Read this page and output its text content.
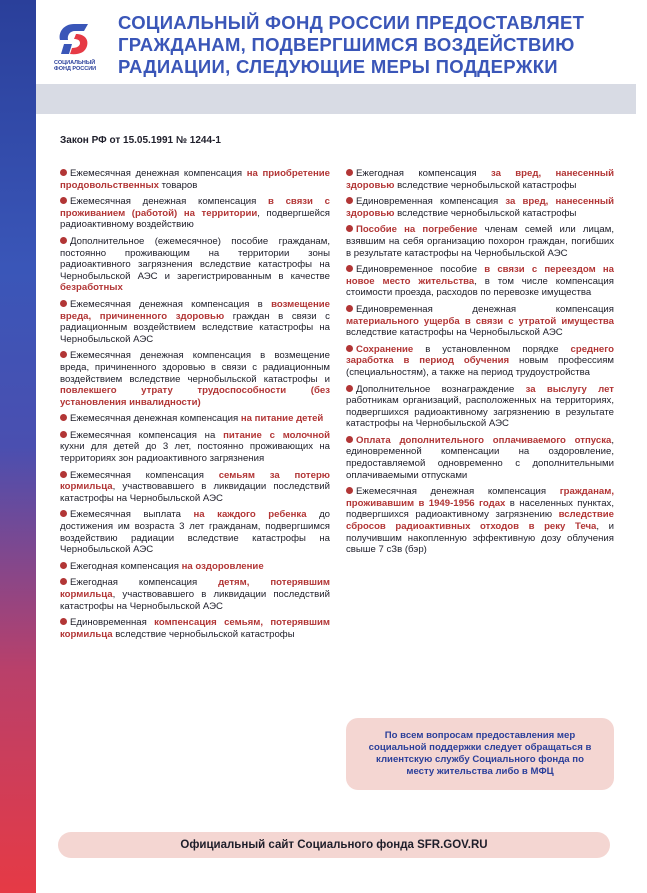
СОЦИАЛЬНЫЙ
ФОНД РОССИИ
СОЦИАЛЬНЫЙ ФОНД РОССИИ ПРЕДОСТАВЛЯЕТ ГРАЖДАНАМ, ПОДВЕРГШИМСЯ ВОЗДЕЙСТВИЮ РАДИАЦИИ, СЛЕДУЮЩИЕ МЕРЫ ПОДДЕРЖКИ
Закон РФ от 15.05.1991 № 1244-1
Ежемесячная денежная компенсация на приобретение продовольственных товаров
Ежемесячная денежная компенсация в связи с проживанием (работой) на территории, подвергшейся радиоактивному воздействию
Дополнительное (ежемесячное) пособие гражданам, постоянно проживающим на территории зоны радиоактивного загрязнения вследствие катастрофы на Чернобыльской АЭС и зарегистрированным в качестве безработных
Ежемесячная денежная компенсация в возмещение вреда, причиненного здоровью граждан в связи с радиационным воздействием вследствие катастрофы на Чернобыльской АЭС
Ежемесячная денежная компенсация в возмещение вреда, причиненного здоровью в связи с радиационным воздействием вследствие чернобыльской катастрофы и повлекшего утрату трудоспособности (без установления инвалидности)
Ежемесячная денежная компенсация на питание детей
Ежемесячная компенсация на питание с молочной кухни для детей до 3 лет, постоянно проживающих на территориях зон радиоактивного загрязнения
Ежемесячная компенсация семьям за потерю кормильца, участвовавшего в ликвидации последствий катастрофы на Чернобыльской АЭС
Ежемесячная выплата на каждого ребенка до достижения им возраста 3 лет гражданам, подвергшимся воздействию радиации вследствие катастрофы на Чернобыльской АЭС
Ежегодная компенсация на оздоровление
Ежегодная компенсация детям, потерявшим кормильца, участвовавшего в ликвидации последствий катастрофы на Чернобыльской АЭС
Единовременная компенсация семьям, потерявшим кормильца вследствие чернобыльской катастрофы
Ежегодная компенсация за вред, нанесенный здоровью вследствие чернобыльской катастрофы
Единовременная компенсация за вред, нанесенный здоровью вследствие чернобыльской катастрофы
Пособие на погребение членам семей или лицам, взявшим на себя организацию похорон граждан, погибших в результате катастрофы на Чернобыльской АЭС
Единовременное пособие в связи с переездом на новое место жительства, в том числе компенсация стоимости проезда, расходов по перевозке имущества
Единовременная денежная компенсация материального ущерба в связи с утратой имущества вследствие катастрофы на Чернобыльской АЭС
Сохранение в установленном порядке среднего заработка в период обучения новым профессиям (специальностям), а также на период трудоустройства
Дополнительное вознаграждение за выслугу лет работникам организаций, расположенных на территориях, подвергшихся радиоактивному загрязнению в результате катастрофы на Чернобыльской АЭС
Оплата дополнительного оплачиваемого отпуска, единовременной компенсации на оздоровление, предоставляемой одновременно с дополнительными оплачиваемыми отпусками
Ежемесячная денежная компенсация гражданам, проживавшим в 1949-1956 годах в населенных пунктах, подвергшихся радиоактивному загрязнению вследствие сбросов радиоактивных отходов в реку Теча, и получившим накопленную эффективную дозу облучения свыше 7 сЗв (бэр)
По всем вопросам предоставления мер социальной поддержки следует обращаться в клиентскую службу Социального фонда по месту жительства либо в МФЦ
Официальный сайт Социального фонда SFR.GOV.RU
